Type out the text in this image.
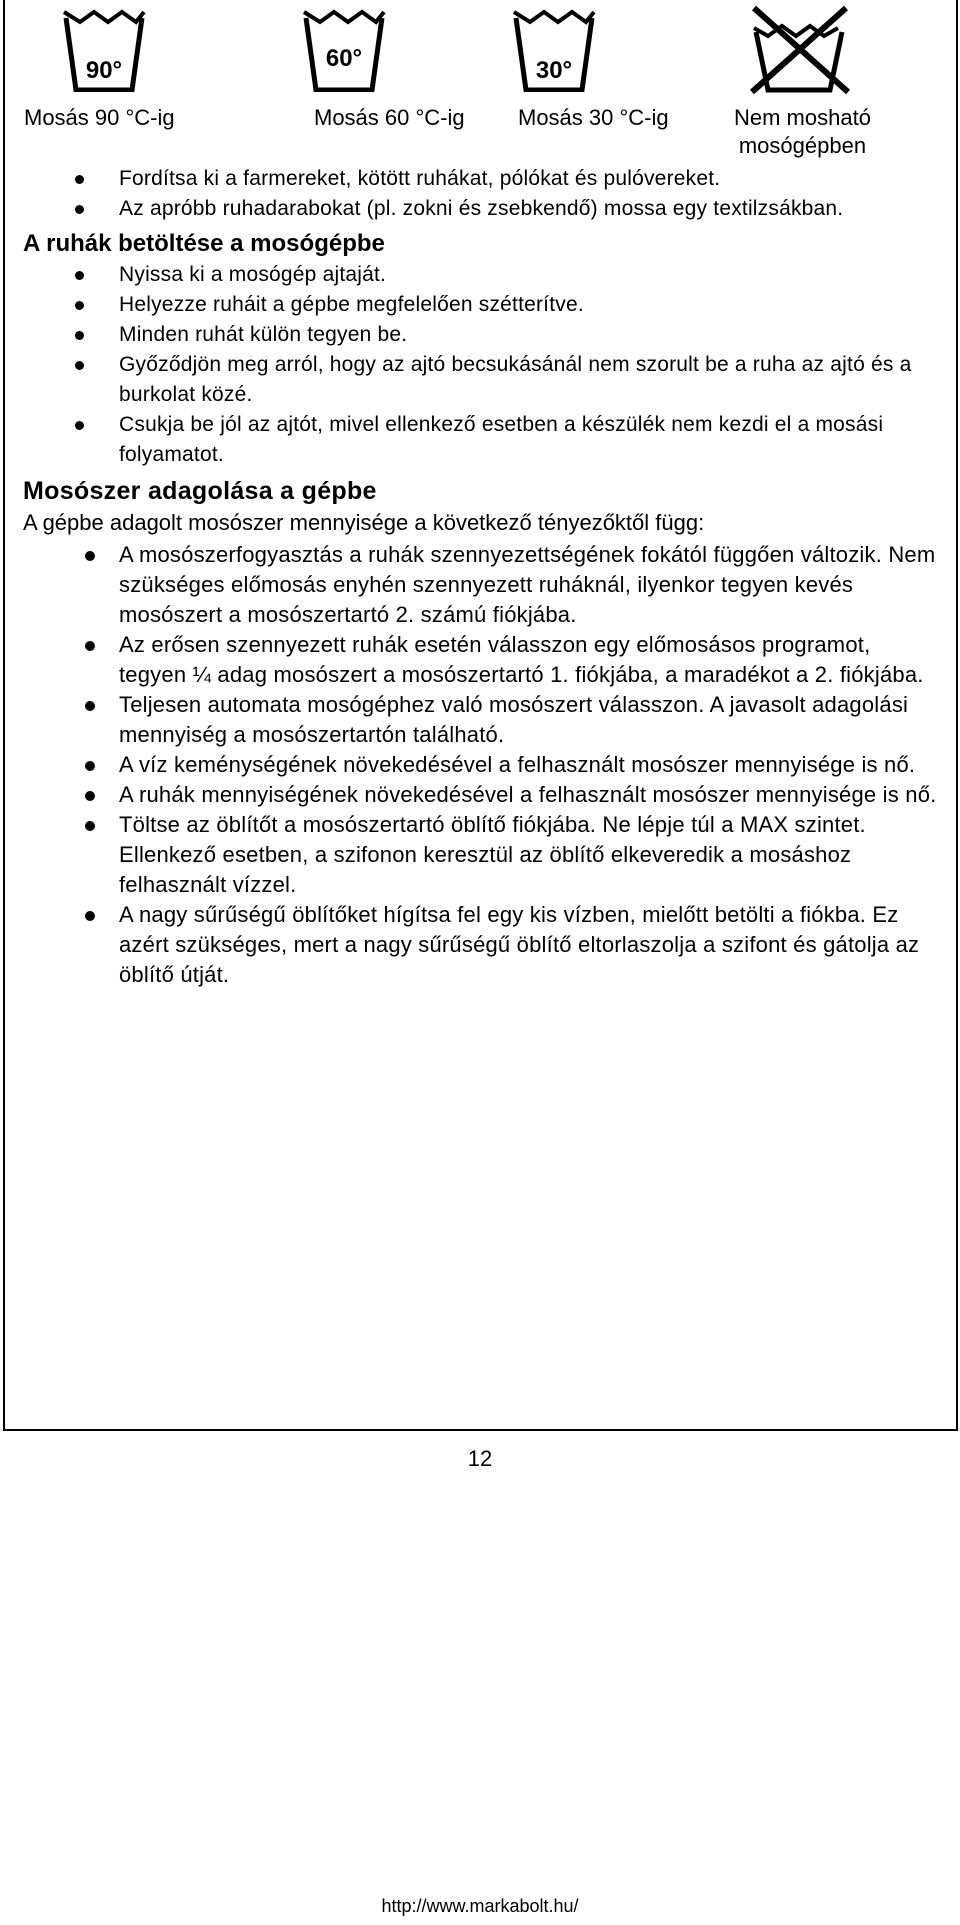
90°
Mosás 90 °C-ig
60°
Mosás 60 °C-ig
30°
Mosás 30 °C-ig	Nem mosható
mosógépben
Fordítsa ki a farmereket, kötött ruhákat, pólókat és pulóvereket.
Az apróbb ruhadarabokat (pl. zokni és zsebkendő) mossa egy textilzsákban.
A ruhák betöltése a mosógépbe
Nyissa ki a mosógép ajtaját.
Helyezze ruháit a gépbe megfelelően szétterítve.
Minden ruhát külön tegyen be.
Győződjön meg arról, hogy az ajtó becsukásánál nem szorult be a ruha az ajtó és a burkolat közé.
Csukja be jól az ajtót, mivel ellenkező esetben a készülék nem kezdi el a mosási folyamatot.
Mosószer adagolása a gépbe

A gépbe adagolt mosószer mennyisége a következő tényezőktől függ:

A mosószerfogyasztás a ruhák szennyezettségének fokától függően változik. Nem szükséges előmosás enyhén szennyezett ruháknál, ilyenkor tegyen kevés mosószert a mosószertartó 2. számú fiókjába.
Az erősen szennyezett ruhák esetén válasszon egy előmosásos programot, tegyen ¼ adag mosószert a mosószertartó 1. fiókjába, a maradékot a 2. fiókjába.
Teljesen automata mosógéphez való mosószert válasszon. A javasolt adagolási mennyiség a mosószertartón található.
A víz keménységének növekedésével a felhasznált mosószer mennyisége is nő.
A ruhák mennyiségének növekedésével a felhasznált mosószer mennyisége is nő.
Töltse az öblítőt a mosószertartó öblítő fiókjába. Ne lépje túl a MAX szintet. Ellenkező esetben, a szifonon keresztül az öblítő elkeveredik a mosáshoz felhasznált vízzel.
A nagy sűrűségű öblítőket hígítsa fel egy kis vízben, mielőtt betölti a fiókba. Ez azért szükséges, mert a nagy sűrűségű öblítő eltorlaszolja a szifont és gátolja az öblítő útját.
12
http://www.markabolt.hu/
